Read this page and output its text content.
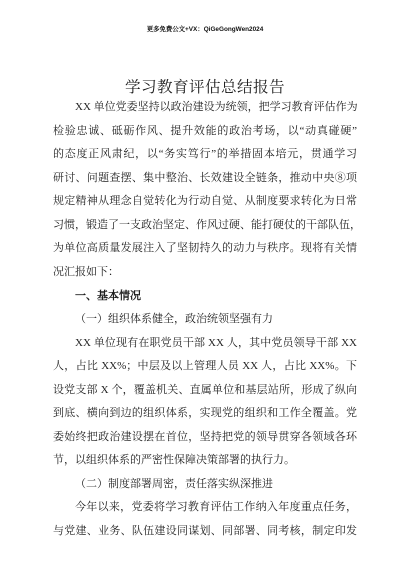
更多免费公文+VX：QiGeGongWen2024
学习教育评估总结报告
XX 单位党委坚持以政治建设为统领，把学习教育评估作为
检验忠诚、砥砺作风、提升效能的政治考场，以“动真碰硬”
的态度正风肃纪，以“务实笃行”的举措固本培元，贯通学习
研讨、问题查摆、集中整治、长效建设全链条，推动中央⑧项
规定精神从理念自觉转化为行动自觉、从制度要求转化为日常
习惯，锻造了一支政治坚定、作风过硬、能打硬仗的干部队伍，
为单位高质量发展注入了坚韧持久的动力与秩序。现将有关情
况汇报如下：
一、基本情况
（一）组织体系健全，政治统领坚强有力
XX 单位现有在职党员干部 XX 人，其中党员领导干部 XX
人，占比 XX%；中层及以上管理人员 XX 人，占比 XX%。下
设党支部 X 个，覆盖机关、直属单位和基层站所，形成了纵向
到底、横向到边的组织体系，实现党的组织和工作全覆盖。党
委始终把政治建设摆在首位，坚持把党的领导贯穿各领域各环
节，以组织体系的严密性保障决策部署的执行力。
（二）制度部署周密，责任落实纵深推进
今年以来，党委将学习教育评估工作纳入年度重点任务，
与党建、业务、队伍建设同谋划、同部署、同考核，制定印发
